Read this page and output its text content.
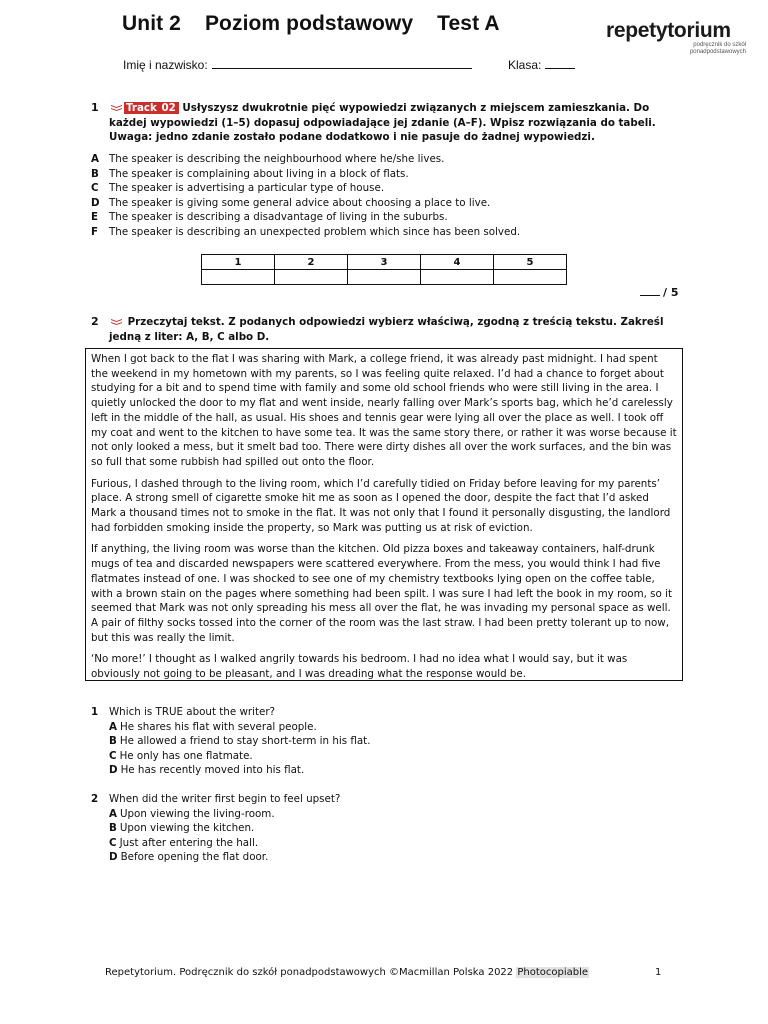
Unit 2 Poziom podstawowy Test A	repetytorium
podręcznik do szkół
ponadpodstawowych
Imię i nazwisko:	Klasa:
1	Track 02 Usłyszysz dwukrotnie pięć wypowiedzi związanych z miejscem zamieszkania. Do każdej wypowiedzi (1–5) dopasuj odpowiadające jej zdanie (A–F). Wpisz rozwiązania do tabeli. Uwaga: jedno zdanie zostało podane dodatkowo i nie pasuje do żadnej wypowiedzi.
A The speaker is describing the neighbourhood where he/she lives.
B The speaker is complaining about living in a block of flats.
C	The speaker is advertising a particular type of house.
D The speaker is giving some general advice about choosing a place to live.
E	The speaker is describing a disadvantage of living in the suburbs.
F	The speaker is describing an unexpected problem which since has been solved.
1	2	3	4	5

/ 5
2	Przeczytaj tekst. Z podanych odpowiedzi wybierz właściwą, zgodną z treścią tekstu. Zakreśl jedną z liter: A, B, C albo D.

When I got back to the flat I was sharing with Mark, a college friend, it was already past midnight. I had spent the weekend in my hometown with my parents, so I was feeling quite relaxed. I’d had a chance to forget about studying for a bit and to spend time with family and some old school friends who were still living in the area. I quietly unlocked the door to my flat and went inside, nearly falling over Mark’s sports bag, which he’d carelessly left in the middle of the hall, as usual. His shoes and tennis gear were lying all over the place as well. I took off my coat and went to the kitchen to have some tea. It was the same story there, or rather it was worse because it not only looked a mess, but it smelt bad too. There were dirty dishes all over the work surfaces, and the bin was so full that some rubbish had spilled out onto the floor.

Furious, I dashed through to the living room, which I’d carefully tidied on Friday before leaving for my parents’ place. A strong smell of cigarette smoke hit me as soon as I opened the door, despite the fact that I’d asked Mark a thousand times not to smoke in the flat. It was not only that I found it personally disgusting, the landlord had forbidden smoking inside the property, so Mark was putting us at risk of eviction.

If anything, the living room was worse than the kitchen. Old pizza boxes and takeaway containers, half-drunk mugs of tea and discarded newspapers were scattered everywhere. From the mess, you would think I had five flatmates instead of one. I was shocked to see one of my chemistry textbooks lying open on the coffee table, with a brown stain on the pages where something had been spilt. I was sure I had left the book in my room, so it seemed that Mark was not only spreading his mess all over the flat, he was invading my personal space as well. A pair of filthy socks tossed into the corner of the room was the last straw. I had been pretty tolerant up to now, but this was really the limit.

‘No more!’ I thought as I walked angrily towards his bedroom. I had no idea what I would say, but it was obviously not going to be pleasant, and I was dreading what the response would be.

1 Which is TRUE about the writer?
A He shares his flat with several people.
B He allowed a friend to stay short-term in his flat.
C He only has one flatmate.
D He has recently moved into his flat.
2 When did the writer first begin to feel upset?
A Upon viewing the living-room.
B Upon viewing the kitchen.
C Just after entering the hall.
D Before opening the flat door.
Repetytorium. Podręcznik do szkół ponadpodstawowych ©Macmillan Polska 2022 Photocopiable	1
